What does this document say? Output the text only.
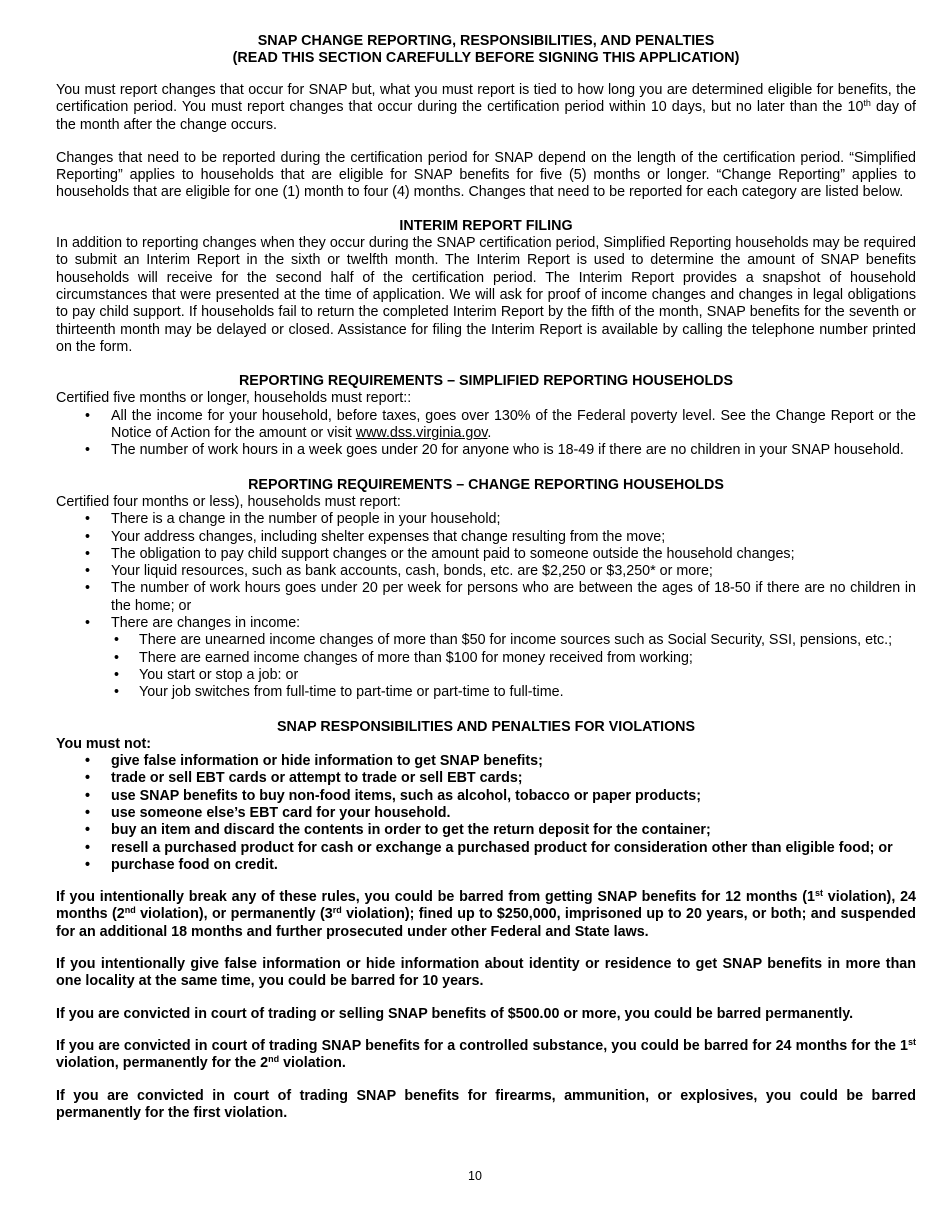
SNAP CHANGE REPORTING, RESPONSIBILITIES, AND PENALTIES
(READ THIS SECTION CAREFULLY BEFORE SIGNING THIS APPLICATION)

You must report changes that occur for SNAP but, what you must report is tied to how long you are determined eligible for benefits, the certification period. You must report changes that occur during the certification period within 10 days, but no later than the 10th day of the month after the change occurs.

Changes that need to be reported during the certification period for SNAP depend on the length of the certification period. “Simplified Reporting” applies to households that are eligible for SNAP benefits for five (5) months or longer. “Change Reporting” applies to households that are eligible for one (1) month to four (4) months. Changes that need to be reported for each category are listed below.

INTERIM REPORT FILING

In addition to reporting changes when they occur during the SNAP certification period, Simplified Reporting households may be required to submit an Interim Report in the sixth or twelfth month. The Interim Report is used to determine the amount of SNAP benefits households will receive for the second half of the certification period. The Interim Report provides a snapshot of household circumstances that were presented at the time of application. We will ask for proof of income changes and changes in legal obligations to pay child support. If households fail to return the completed Interim Report by the fifth of the month, SNAP benefits for the seventh or thirteenth month may be delayed or closed. Assistance for filing the Interim Report is available by calling the telephone number printed on the form.

REPORTING REQUIREMENTS – SIMPLIFIED REPORTING HOUSEHOLDS

Certified five months or longer, households must report::

• All the income for your household, before taxes, goes over 130% of the Federal poverty level. See the Change Report or the Notice of Action for the amount or visit www.dss.virginia.gov.
• The number of work hours in a week goes under 20 for anyone who is 18-49 if there are no children in your SNAP household.
REPORTING REQUIREMENTS – CHANGE REPORTING HOUSEHOLDS

Certified four months or less), households must report:

• There is a change in the number of people in your household;
• Your address changes, including shelter expenses that change resulting from the move;
• The obligation to pay child support changes or the amount paid to someone outside the household changes;
• Your liquid resources, such as bank accounts, cash, bonds, etc. are $2,250 or $3,250* or more;
• The number of work hours goes under 20 per week for persons who are between the ages of 18-50 if there are no children in the home; or
• There are changes in income:
• There are unearned income changes of more than $50 for income sources such as Social Security, SSI, pensions, etc.;
• There are earned income changes of more than $100 for money received from working;
• You start or stop a job: or
• Your job switches from full-time to part-time or part-time to full-time.
SNAP RESPONSIBILITIES AND PENALTIES FOR VIOLATIONS

You must not:

• give false information or hide information to get SNAP benefits;
• trade or sell EBT cards or attempt to trade or sell EBT cards;
• use SNAP benefits to buy non-food items, such as alcohol, tobacco or paper products;
• use someone else’s EBT card for your household.
• buy an item and discard the contents in order to get the return deposit for the container;
• resell a purchased product for cash or exchange a purchased product for consideration other than eligible food; or
• purchase food on credit.

If you intentionally break any of these rules, you could be barred from getting SNAP benefits for 12 months (1st violation), 24 months (2nd violation), or permanently (3rd violation); fined up to $250,000, imprisoned up to 20 years, or both; and suspended for an additional 18 months and further prosecuted under other Federal and State laws.

If you intentionally give false information or hide information about identity or residence to get SNAP benefits in more than one locality at the same time, you could be barred for 10 years.

If you are convicted in court of trading or selling SNAP benefits of $500.00 or more, you could be barred permanently.

If you are convicted in court of trading SNAP benefits for a controlled substance, you could be barred for 24 months for the 1st violation, permanently for the 2nd violation.

If you are convicted in court of trading SNAP benefits for firearms, ammunition, or explosives, you could be barred permanently for the first violation.

10
